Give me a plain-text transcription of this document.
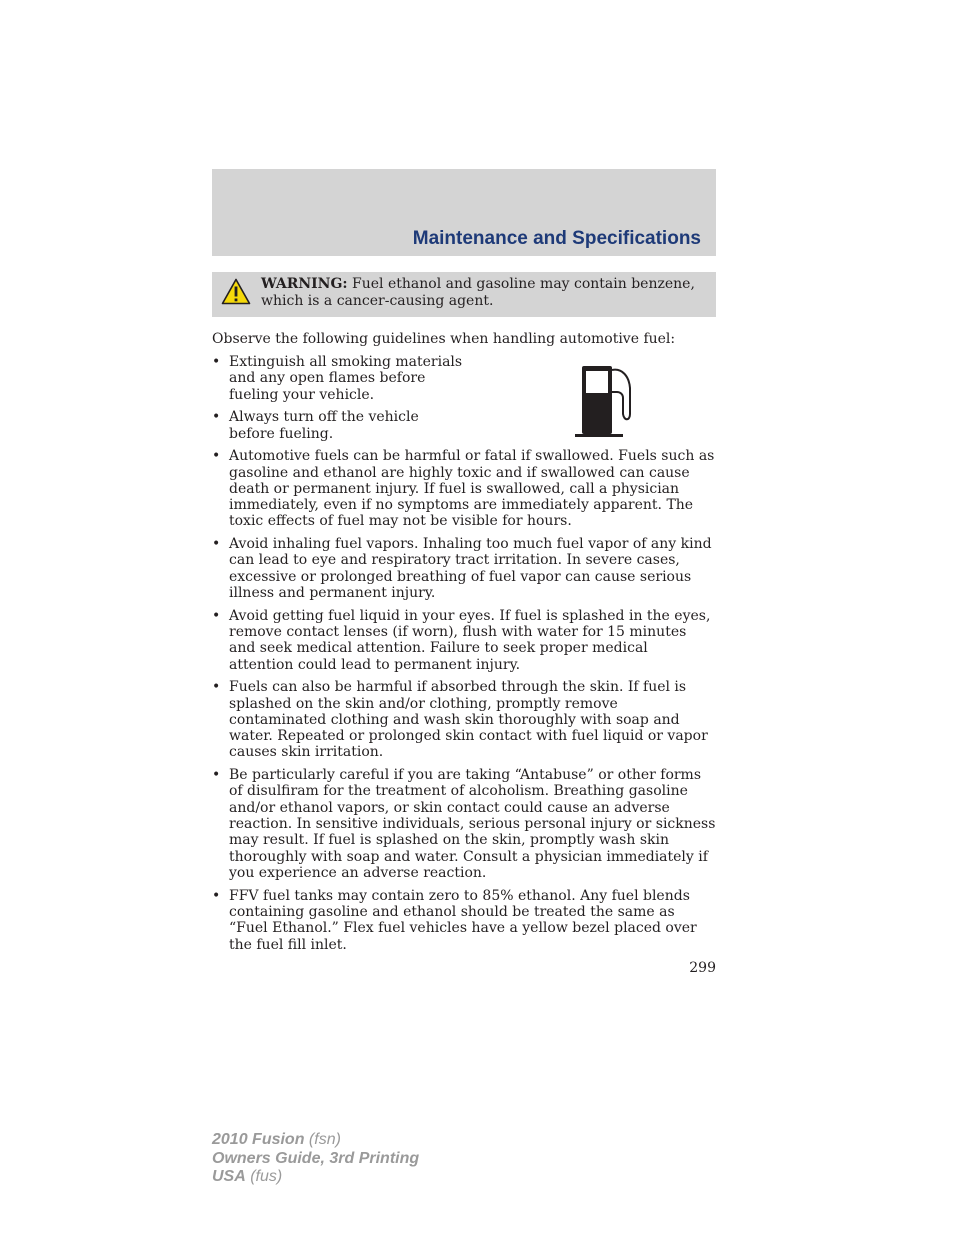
Maintenance and Specifications

WARNING: Fuel ethanol and gasoline may contain benzene, which is a cancer-causing agent.

Observe the following guidelines when handling automotive fuel:

• Extinguish all smoking materials and any open flames before fueling your vehicle.
• Always turn off the vehicle before fueling.
• Automotive fuels can be harmful or fatal if swallowed. Fuels such as gasoline and ethanol are highly toxic and if swallowed can cause death or permanent injury. If fuel is swallowed, call a physician immediately, even if no symptoms are immediately apparent. The toxic effects of fuel may not be visible for hours.
• Avoid inhaling fuel vapors. Inhaling too much fuel vapor of any kind can lead to eye and respiratory tract irritation. In severe cases, excessive or prolonged breathing of fuel vapor can cause serious illness and permanent injury.
• Avoid getting fuel liquid in your eyes. If fuel is splashed in the eyes, remove contact lenses (if worn), flush with water for 15 minutes and seek medical attention. Failure to seek proper medical attention could lead to permanent injury.
• Fuels can also be harmful if absorbed through the skin. If fuel is splashed on the skin and/or clothing, promptly remove contaminated clothing and wash skin thoroughly with soap and water. Repeated or prolonged skin contact with fuel liquid or vapor causes skin irritation.
• Be particularly careful if you are taking “Antabuse” or other forms of disulfiram for the treatment of alcoholism. Breathing gasoline and/or ethanol vapors, or skin contact could cause an adverse reaction. In sensitive individuals, serious personal injury or sickness may result. If fuel is splashed on the skin, promptly wash skin thoroughly with soap and water. Consult a physician immediately if you experience an adverse reaction.
• FFV fuel tanks may contain zero to 85% ethanol. Any fuel blends containing gasoline and ethanol should be treated the same as “Fuel Ethanol.” Flex fuel vehicles have a yellow bezel placed over the fuel fill inlet.

299

2010 Fusion (fsn)
Owners Guide, 3rd Printing
USA (fus)
